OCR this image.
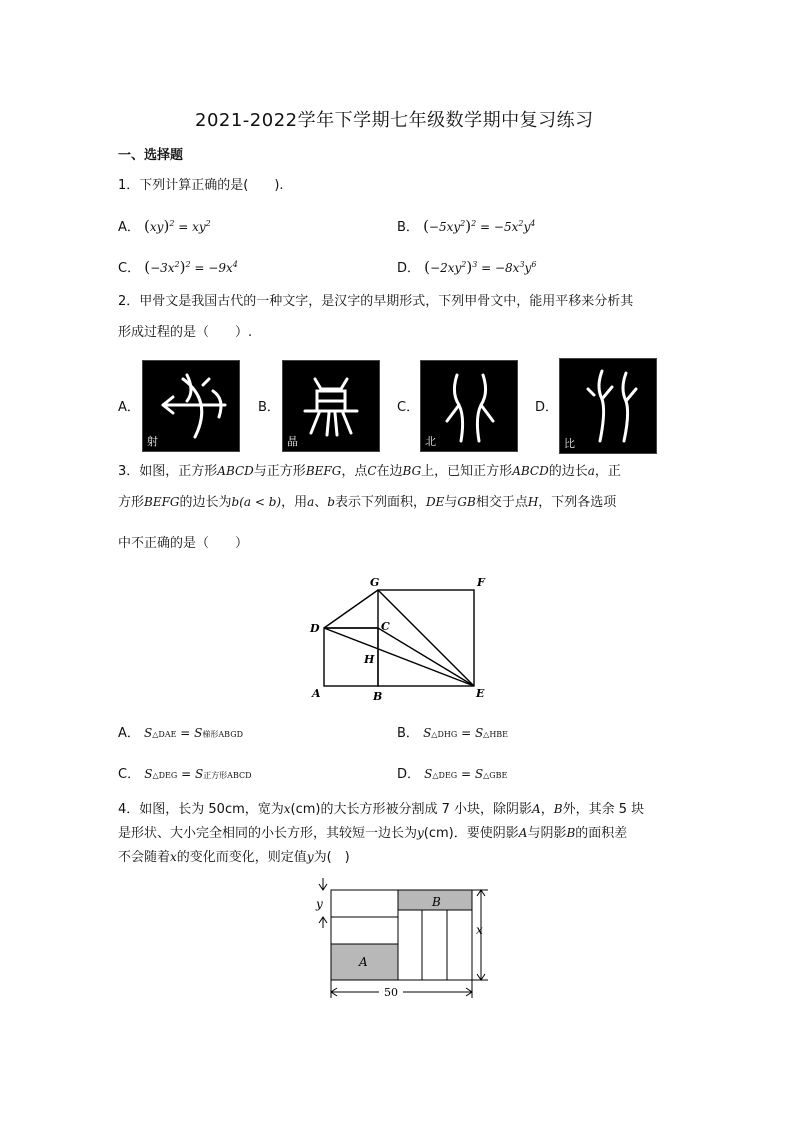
2021-2022学年下学期七年级数学期中复习练习
一、选择题
1．下列计算正确的是(　　).
A． $(xy)^2 = xy^2$	B． $(-5xy^2)^2 = -5x^2y^4$
C． $(-3x^2)^2 = -9x^4$	D． $(-2xy^2)^3 = -8x^3y^6$
2．甲骨文是我国古代的一种文字，是汉字的早期形式，下列甲骨文中，能用平移来分析其
形成过程的是（　　）.
A．
射
B．
晶
C．
北
D．
比
3．如图，正方形ABCD与正方形BEFG，点C在边BG上，已知正方形ABCD的边长a，正
方形BEFG的边长为b(a < b)，用a、b表示下列面积，DE与GB相交于点H，下列各选项
中不正确的是（　　）
G	F
D	C
H
A	B	E
A． S△DAE = S梯形ABGD	B． S△DHG = S△HBE
C． S△DEG = S正方形ABCD	D． S△DEG = S△GBE
4．如图，长为 50cm，宽为x(cm)的大长方形被分割成 7 小块，除阴影A，B外，其余 5 块
是形状、大小完全相同的小长方形，其较短一边长为y(cm)．要使阴影A与阴影B的面积差
不会随着x的变化而变化，则定值y为(　)
y
x
A
B
50
